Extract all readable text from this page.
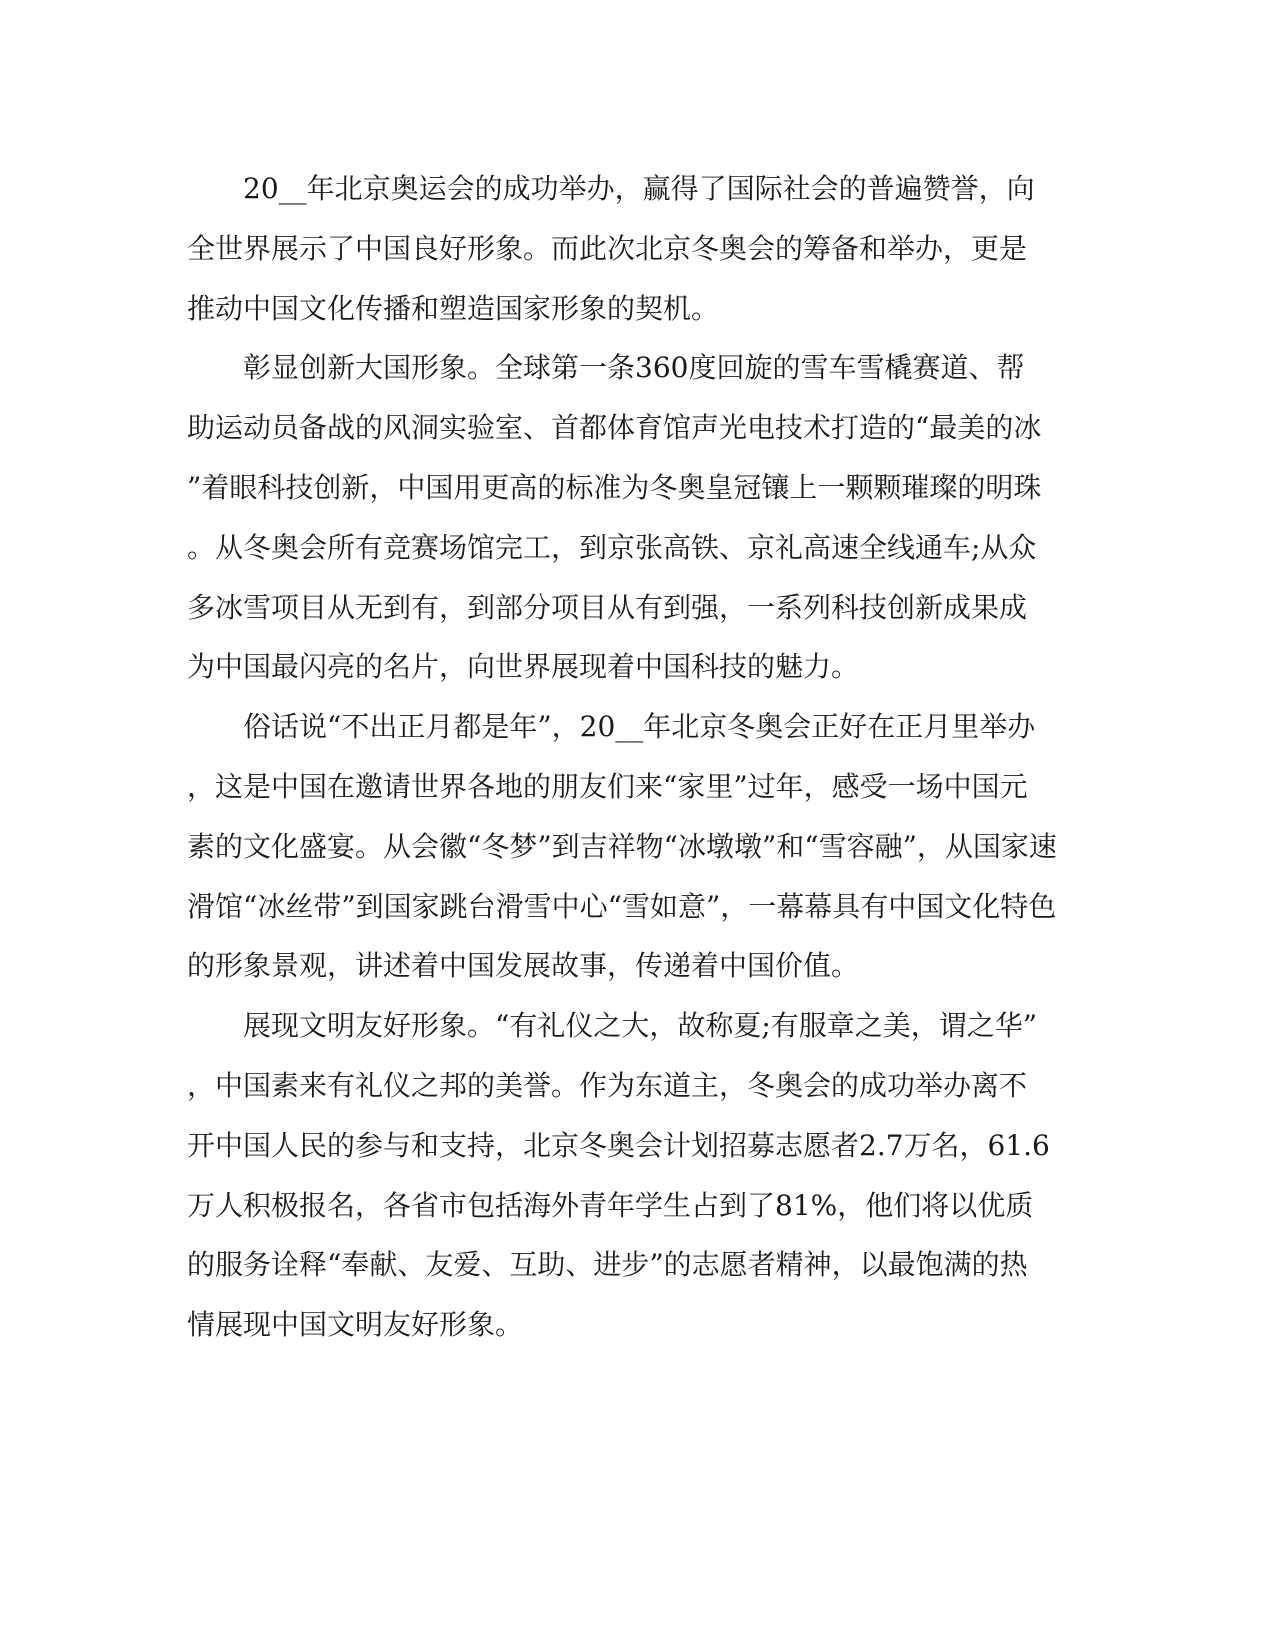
　　20__年北京奥运会的成功举办，赢得了国际社会的普遍赞誉，向
全世界展示了中国良好形象。而此次北京冬奥会的筹备和举办，更是
推动中国文化传播和塑造国家形象的契机。
　　彰显创新大国形象。全球第一条360度回旋的雪车雪橇赛道、帮
助运动员备战的风洞实验室、首都体育馆声光电技术打造的“最美的冰
”着眼科技创新，中国用更高的标准为冬奥皇冠镶上一颗颗璀璨的明珠
。从冬奥会所有竞赛场馆完工，到京张高铁、京礼高速全线通车;从众
多冰雪项目从无到有，到部分项目从有到强，一系列科技创新成果成
为中国最闪亮的名片，向世界展现着中国科技的魅力。
　　俗话说“不出正月都是年”，20__年北京冬奥会正好在正月里举办
，这是中国在邀请世界各地的朋友们来“家里”过年，感受一场中国元
素的文化盛宴。从会徽“冬梦”到吉祥物“冰墩墩”和“雪容融”，从国家速
滑馆“冰丝带”到国家跳台滑雪中心“雪如意”，一幕幕具有中国文化特色
的形象景观，讲述着中国发展故事，传递着中国价值。
　　展现文明友好形象。“有礼仪之大，故称夏;有服章之美，谓之华”
，中国素来有礼仪之邦的美誉。作为东道主，冬奥会的成功举办离不
开中国人民的参与和支持，北京冬奥会计划招募志愿者2.7万名，61.6
万人积极报名，各省市包括海外青年学生占到了81%，他们将以优质
的服务诠释“奉献、友爱、互助、进步”的志愿者精神，以最饱满的热
情展现中国文明友好形象。
